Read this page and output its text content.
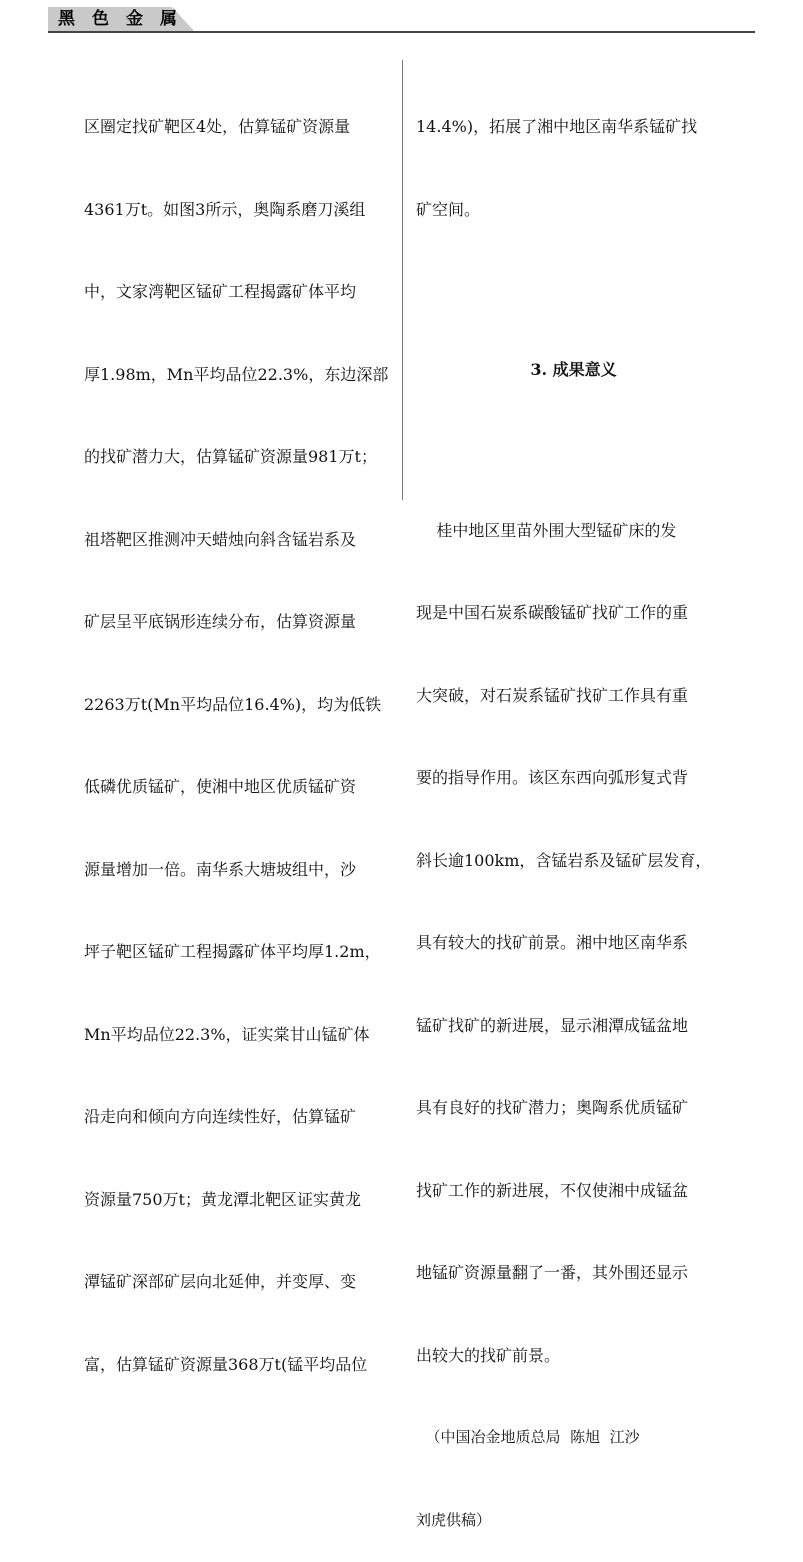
黑色金属

区圈定找矿靶区4处，估算锰矿资源量

4361万t。如图3所示，奥陶系磨刀溪组

中，文家湾靶区锰矿工程揭露矿体平均

厚1.98m，Mn平均品位22.3%，东边深部

的找矿潜力大，估算锰矿资源量981万t；

祖塔靶区推测冲天蜡烛向斜含锰岩系及

矿层呈平底锅形连续分布，估算资源量

2263万t(Mn平均品位16.4%)，均为低铁

低磷优质锰矿，使湘中地区优质锰矿资

源量增加一倍。南华系大塘坡组中，沙

坪子靶区锰矿工程揭露矿体平均厚1.2m，

Mn平均品位22.3%，证实棠甘山锰矿体

沿走向和倾向方向连续性好，估算锰矿

资源量750万t；黄龙潭北靶区证实黄龙

潭锰矿深部矿层向北延伸，并变厚、变

富，估算锰矿资源量368万t(锰平均品位

14.4%)，拓展了湘中地区南华系锰矿找

矿空间。

3. 成果意义

桂中地区里苗外围大型锰矿床的发

现是中国石炭系碳酸锰矿找矿工作的重

大突破，对石炭系锰矿找矿工作具有重

要的指导作用。该区东西向弧形复式背

斜长逾100km，含锰岩系及锰矿层发育，

具有较大的找矿前景。湘中地区南华系

锰矿找矿的新进展，显示湘潭成锰盆地

具有良好的找矿潜力；奥陶系优质锰矿

找矿工作的新进展，不仅使湘中成锰盆

地锰矿资源量翻了一番，其外围还显示

出较大的找矿前景。

（中国冶金地质总局  陈旭  江沙

刘虎供稿）
